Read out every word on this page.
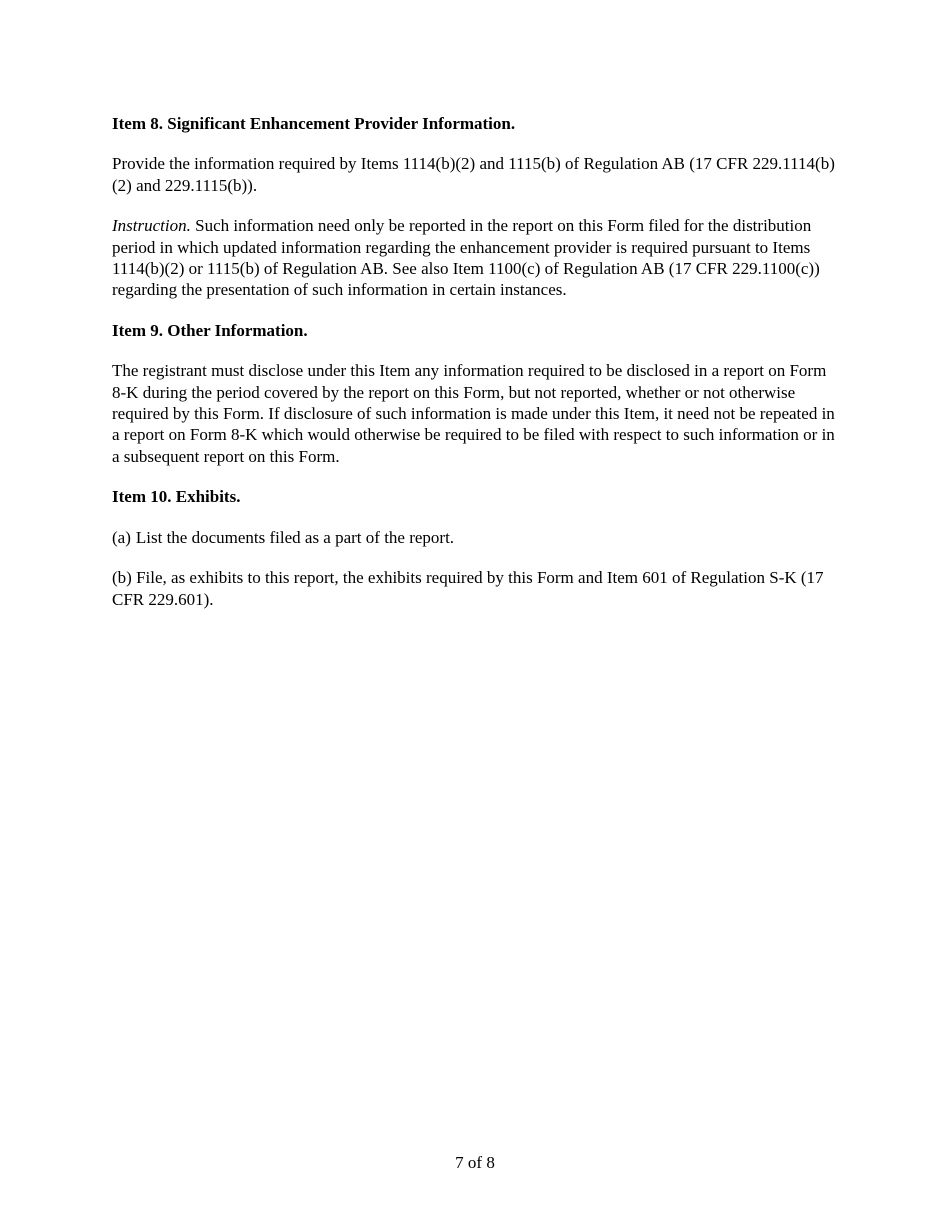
Item 8. Significant Enhancement Provider Information.

Provide the information required by Items 1114(b)(2) and 1115(b) of Regulation AB (17 CFR 229.1114(b)(2) and 229.1115(b)).

Instruction. Such information need only be reported in the report on this Form filed for the distribution period in which updated information regarding the enhancement provider is required pursuant to Items 1114(b)(2) or 1115(b) of Regulation AB. See also Item 1100(c) of Regulation AB (17 CFR 229.1100(c)) regarding the presentation of such information in certain instances.

Item 9. Other Information.

The registrant must disclose under this Item any information required to be disclosed in a report on Form 8-K during the period covered by the report on this Form, but not reported, whether or not otherwise required by this Form. If disclosure of such information is made under this Item, it need not be repeated in a report on Form 8-K which would otherwise be required to be filed with respect to such information or in a subsequent report on this Form.

Item 10. Exhibits.

(a) List the documents filed as a part of the report.

(b) File, as exhibits to this report, the exhibits required by this Form and Item 601 of Regulation S-K (17 CFR 229.601).

7 of 8
